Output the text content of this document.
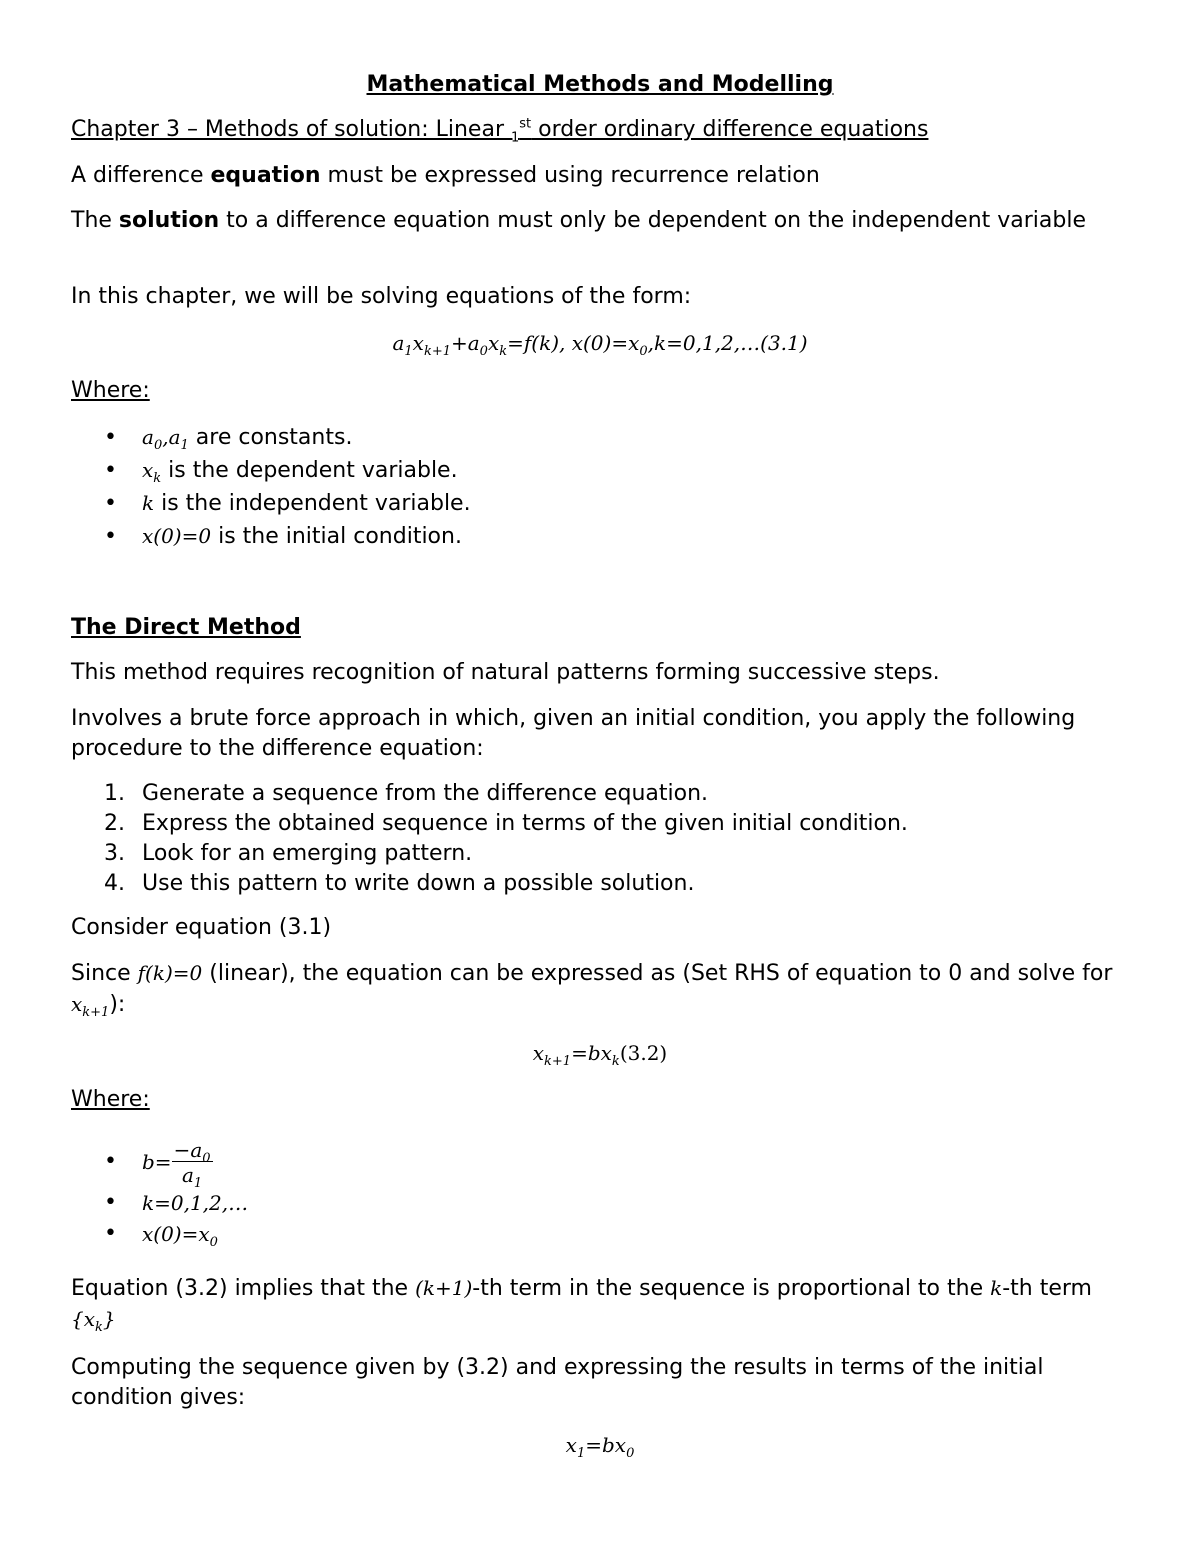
Mathematical Methods and Modelling
Chapter 3 – Methods of solution: Linear $_1^{st}$ order ordinary difference equations
A difference equation must be expressed using recurrence relation
The solution to a difference equation must only be dependent on the independent variable
In this chapter, we will be solving equations of the form:
$a_1x_{k+1}+a_0x_k=f(k)$, $x(0)=x_0,k=0,1,2,\dots(3.1)$
Where:
• $a_0,a_1$ are constants.
• $x_k$ is the dependent variable.
• k is the independent variable.
• x(0)=0 is the initial condition.
The Direct Method
This method requires recognition of natural patterns forming successive steps.
Involves a brute force approach in which, given an initial condition, you apply the following procedure to the difference equation:
1. Generate a sequence from the difference equation.
2. Express the obtained sequence in terms of the given initial condition.
3. Look for an emerging pattern.
4. Use this pattern to write down a possible solution.
Consider equation (3.1)
Since f(k)=0 (linear), the equation can be expressed as (Set RHS of equation to 0 and solve for $x_{k+1}$):
$x_{k+1}=bx_k(3.2)$
Where:
• $b= \frac{-a_0}{a_1}$
• k=0,1,2,…
• $x(0)=x_0$
Equation (3.2) implies that the (k+1)-th term in the sequence is proportional to the k-th term $\{x_k\}$
Computing the sequence given by (3.2) and expressing the results in terms of the initial condition gives:
$x_1=bx_0$
